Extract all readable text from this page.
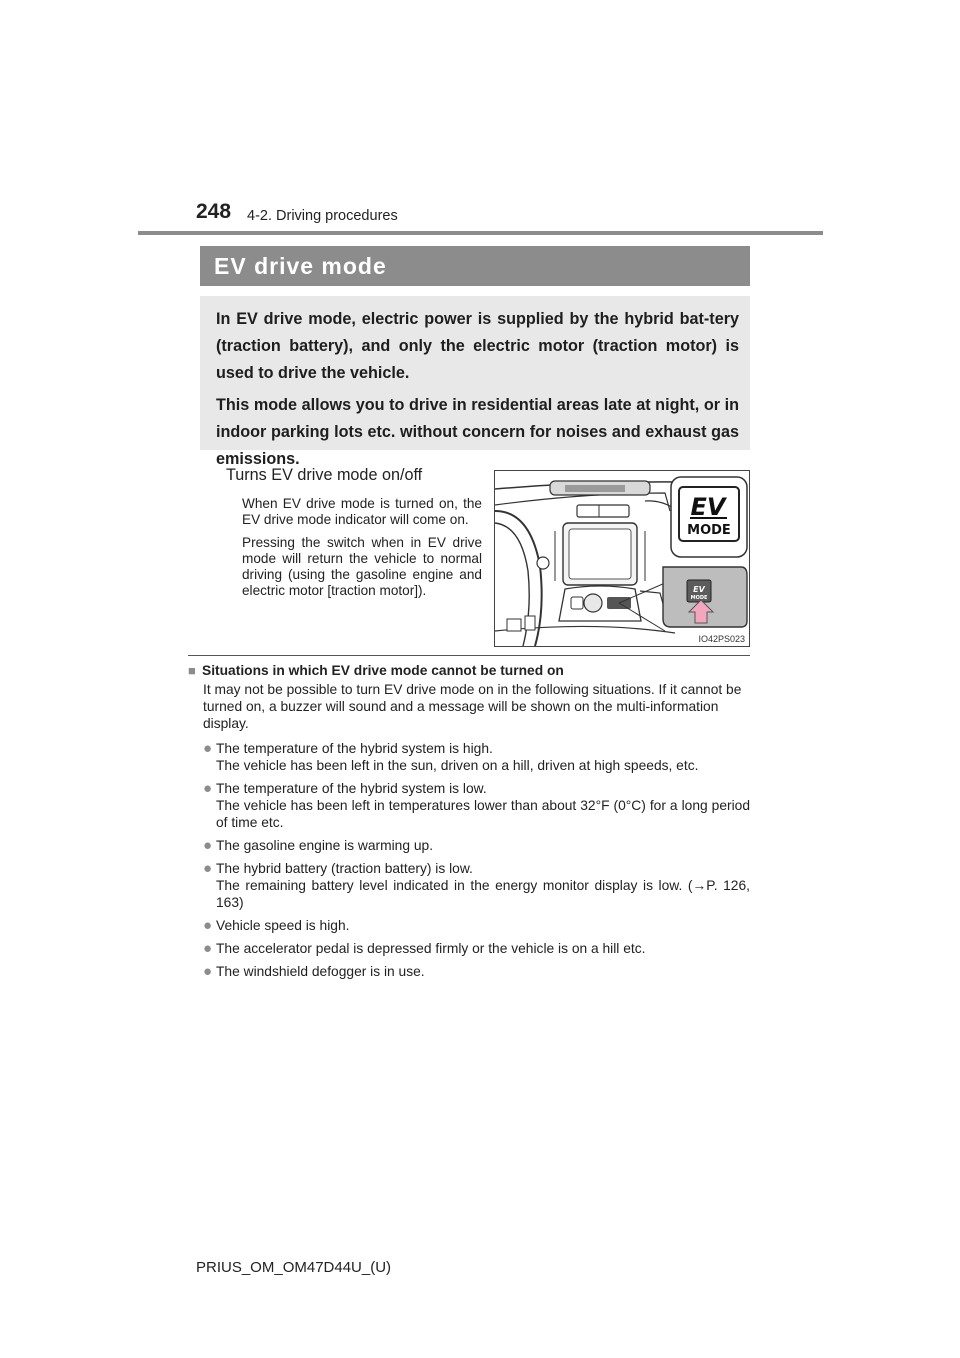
248 4-2. Driving procedures
EV drive mode

In EV drive mode, electric power is supplied by the hybrid bat-tery (traction battery), and only the electric motor (traction motor) is used to drive the vehicle.

This mode allows you to drive in residential areas late at night, or in indoor parking lots etc. without concern for noises and exhaust gas emissions.

Turns EV drive mode on/off

When EV drive mode is turned on, the EV drive mode indicator will come on.

Pressing the switch when in EV drive mode will return the vehicle to normal driving (using the gasoline engine and electric motor [traction motor]).	EV
MODE
EV
MODE
IO42PS023
■ Situations in which EV drive mode cannot be turned on
It may not be possible to turn EV drive mode on in the following situations. If it cannot be turned on, a buzzer will sound and a message will be shown on the multi-information display.
● The temperature of the hybrid system is high.
The vehicle has been left in the sun, driven on a hill, driven at high speeds, etc.
● The temperature of the hybrid system is low.
The vehicle has been left in temperatures lower than about 32°F (0°C) for a long period of time etc.
● The gasoline engine is warming up.
● The hybrid battery (traction battery) is low.
The remaining battery level indicated in the energy monitor display is low. (→P. 126, 163)
● Vehicle speed is high.
● The accelerator pedal is depressed firmly or the vehicle is on a hill etc.
● The windshield defogger is in use.
PRIUS_OM_OM47D44U_(U)
